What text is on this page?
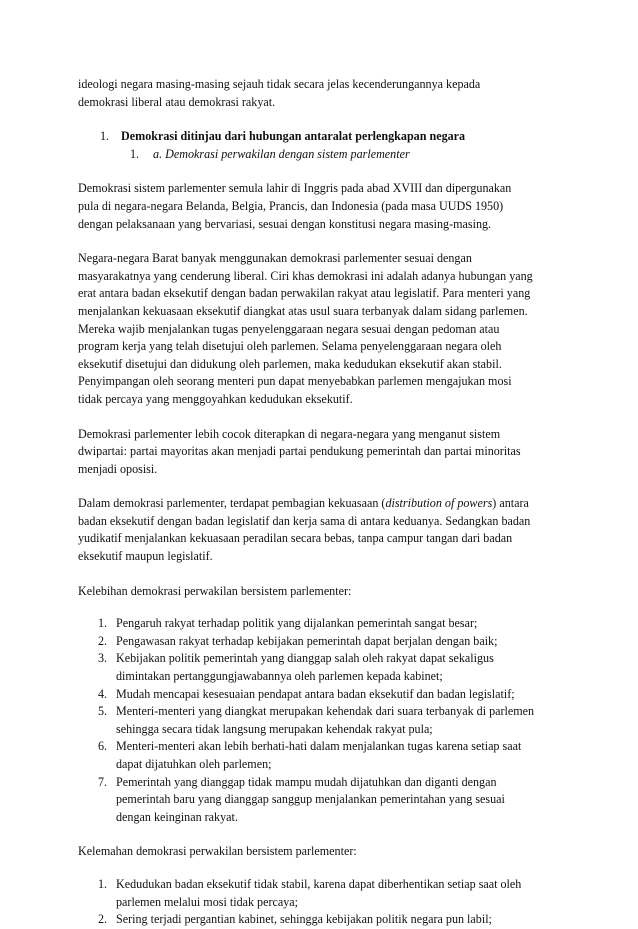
ideologi negara masing-masing sejauh tidak secara jelas kecenderungannya kepada
demokrasi liberal atau demokrasi rakyat.

1. Demokrasi ditinjau dari hubungan antaralat perlengkapan negara

1. a. Demokrasi perwakilan dengan sistem parlementer

Demokrasi sistem parlementer semula lahir di Inggris pada abad XVIII dan dipergunakan
pula di negara-negara Belanda, Belgia, Prancis, dan Indonesia (pada masa UUDS 1950)
dengan pelaksanaan yang bervariasi, sesuai dengan konstitusi negara masing-masing.

Negara-negara Barat banyak menggunakan demokrasi parlementer sesuai dengan
masyarakatnya yang cenderung liberal. Ciri khas demokrasi ini adalah adanya hubungan yang
erat antara badan eksekutif dengan badan perwakilan rakyat atau legislatif. Para menteri yang
menjalankan kekuasaan eksekutif diangkat atas usul suara terbanyak dalam sidang parlemen.
Mereka wajib menjalankan tugas penyelenggaraan negara sesuai dengan pedoman atau
program kerja yang telah disetujui oleh parlemen. Selama penyelenggaraan negara oleh
eksekutif disetujui dan didukung oleh parlemen, maka kedudukan eksekutif akan stabil.
Penyimpangan oleh seorang menteri pun dapat menyebabkan parlemen mengajukan mosi
tidak percaya yang menggoyahkan kedudukan eksekutif.

Demokrasi parlementer lebih cocok diterapkan di negara-negara yang menganut sistem
dwipartai: partai mayoritas akan menjadi partai pendukung pemerintah dan partai minoritas
menjadi oposisi.

Dalam demokrasi parlementer, terdapat pembagian kekuasaan (distribution of powers) antara
badan eksekutif dengan badan legislatif dan kerja sama di antara keduanya. Sedangkan badan
yudikatif menjalankan kekuasaan peradilan secara bebas, tanpa campur tangan dari badan
eksekutif maupun legislatif.

Kelebihan demokrasi perwakilan bersistem parlementer:

1. Pengaruh rakyat terhadap politik yang dijalankan pemerintah sangat besar;
2. Pengawasan rakyat terhadap kebijakan pemerintah dapat berjalan dengan baik;
3. Kebijakan politik pemerintah yang dianggap salah oleh rakyat dapat sekaligus
dimintakan pertanggungjawabannya oleh parlemen kepada kabinet;
4. Mudah mencapai kesesuaian pendapat antara badan eksekutif dan badan legislatif;
5. Menteri-menteri yang diangkat merupakan kehendak dari suara terbanyak di parlemen
sehingga secara tidak langsung merupakan kehendak rakyat pula;
6. Menteri-menteri akan lebih berhati-hati dalam menjalankan tugas karena setiap saat
dapat dijatuhkan oleh parlemen;
7. Pemerintah yang dianggap tidak mampu mudah dijatuhkan dan diganti dengan
pemerintah baru yang dianggap sanggup menjalankan pemerintahan yang sesuai
dengan keinginan rakyat.

Kelemahan demokrasi perwakilan bersistem parlementer:

1. Kedudukan badan eksekutif tidak stabil, karena dapat diberhentikan setiap saat oleh
parlemen melalui mosi tidak percaya;
2. Sering terjadi pergantian kabinet, sehingga kebijakan politik negara pun labil;
